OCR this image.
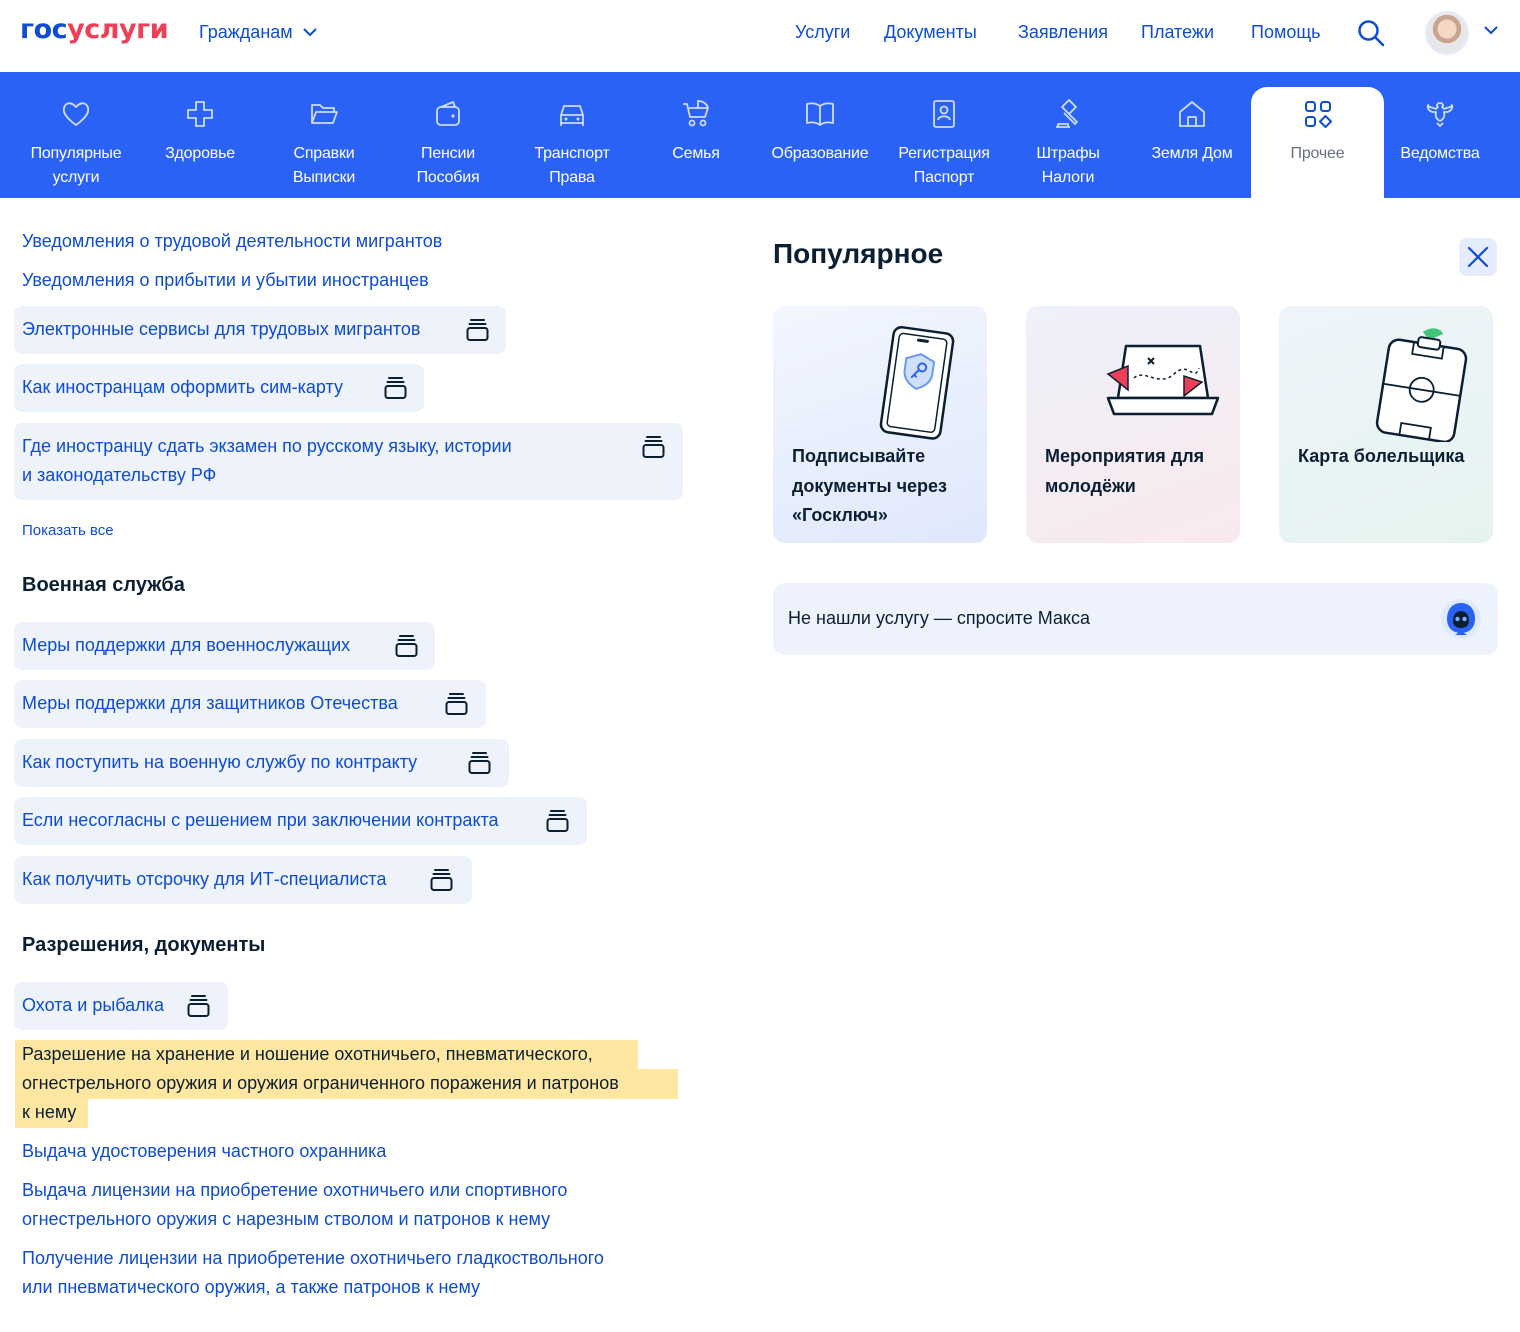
госуслуги Гражданам	Услуги Документы Заявления Платежи Помощь
Популярные
услуги
Здоровье	Справки
Выписки
Пенсии
Пособия
Транспорт
Права
Семья	Образование	Регистрация
Паспорт
Штрафы
Налоги
Земля Дом	Прочее	Ведомства
Уведомления о трудовой деятельности мигрантов
Уведомления о прибытии и убытии иностранцев
Электронные сервисы для трудовых мигрантов
Как иностранцам оформить сим-карту
Где иностранцу сдать экзамен по русскому языку, истории
и законодательству РФ
Показать все
Военная служба
Меры поддержки для военнослужащих
Меры поддержки для защитников Отечества
Как поступить на военную службу по контракту
Если несогласны с решением при заключении контракта
Как получить отсрочку для ИТ-специалиста
Разрешения, документы
Охота и рыбалка
Разрешение на хранение и ношение охотничьего, пневматического,
огнестрельного оружия и оружия ограниченного поражения и патронов
к нему
Выдача удостоверения частного охранника
Выдача лицензии на приобретение охотничьего или спортивного
огнестрельного оружия с нарезным стволом и патронов к нему
Получение лицензии на приобретение охотничьего гладкоствольного
или пневматического оружия, а также патронов к нему
Популярное
Подписывайте документы через «Госключ»
Мероприятия для молодёжи
Карта болельщика
Не нашли услугу — спросите Макса
